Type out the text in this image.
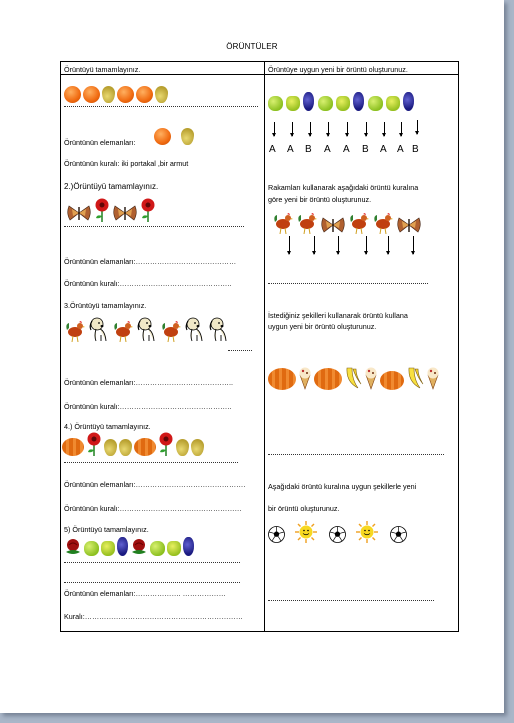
ÖRÜNTÜLER
Örüntüyü tamamlayınız.
Örüntünün elemanları:
Örüntünün kuralı: iki portakal ,bir armut
2.)Örüntüyü tamamlayınız.
Örüntünün elamanları:……………………………………
Örüntünün kuralı:………………………………………..
3.Örüntüyü tamamlayınız.
Örüntünün elemanları:…………………………………..
Örüntünün kuralı:………………………………………..
4.) Örüntüyü tamamlayınız.
Örüntünün elemanları:……………………………………….
Örüntünün kuralı:……………………………………………
5) Örüntüyü tamamlayınız.
Örüntünün elemanları:………………. ………………
Kuralı:…………………………………………………………
Örüntüye uygun yeni bir örüntü oluşturunuz.
A A B A A B A A B
Rakamları kullanarak aşağıdaki örüntü kuralına
göre yeni bir örüntü oluşturunuz.
İstediğiniz şekilleri kullanarak örüntü kullana
uygun yeni bir örüntü oluşturunuz.
Aşağıdaki örüntü kuralına uygun şekillerle yeni
bir örüntü oluşturunuz.
